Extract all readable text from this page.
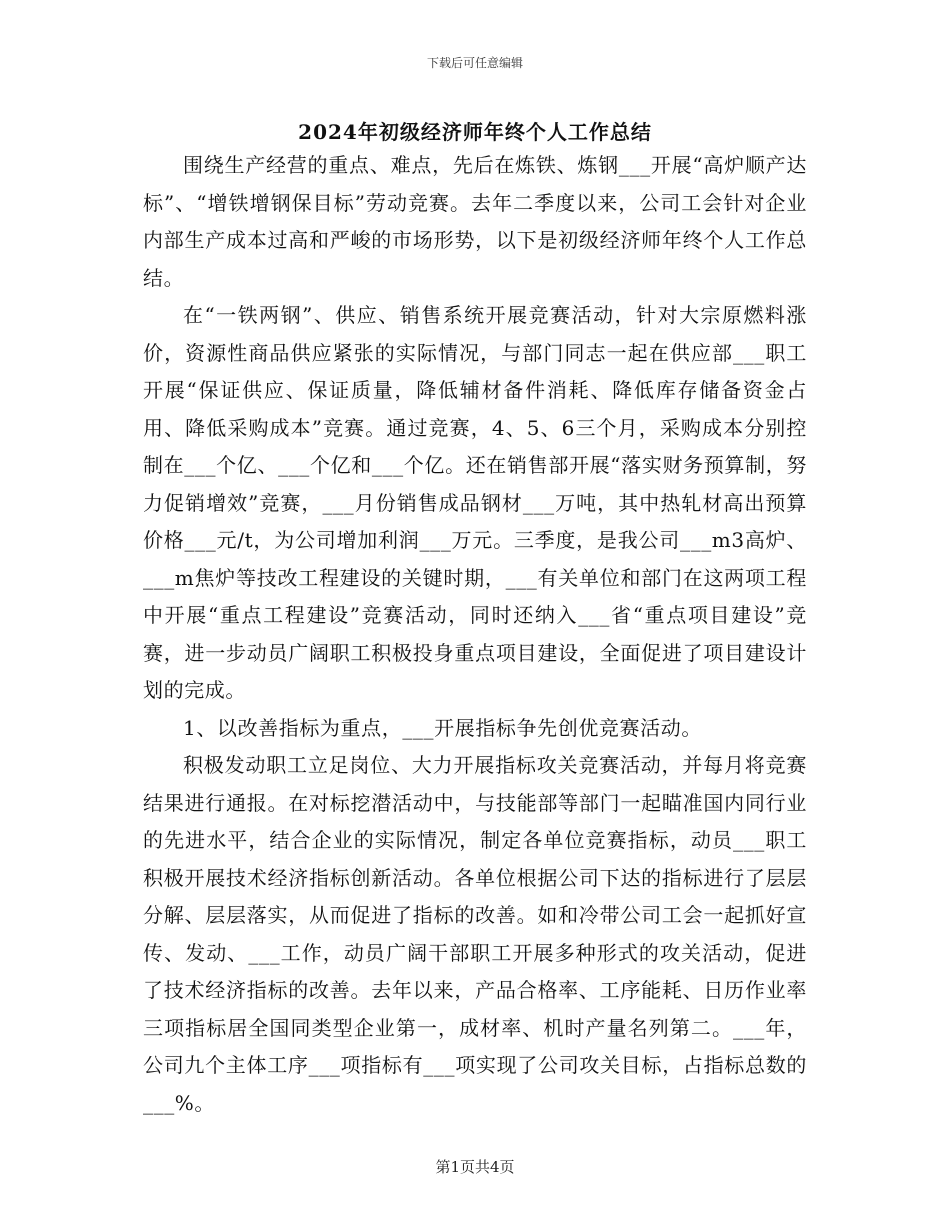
下载后可任意编辑
2024年初级经济师年终个人工作总结

围绕生产经营的重点、难点，先后在炼铁、炼钢___开展“高炉顺产达标”、“增铁增钢保目标”劳动竞赛。去年二季度以来，公司工会针对企业内部生产成本过高和严峻的市场形势，以下是初级经济师年终个人工作总结。

在“一铁两钢”、供应、销售系统开展竞赛活动，针对大宗原燃料涨价，资源性商品供应紧张的实际情况，与部门同志一起在供应部___职工开展“保证供应、保证质量，降低辅材备件消耗、降低库存储备资金占用、降低采购成本”竞赛。通过竞赛，4、5、6三个月，采购成本分别控制在___个亿、___个亿和___个亿。还在销售部开展“落实财务预算制，努力促销增效”竞赛，___月份销售成品钢材___万吨，其中热轧材高出预算价格___元/t，为公司增加利润___万元。三季度，是我公司___m3高炉、___m焦炉等技改工程建设的关键时期，___有关单位和部门在这两项工程中开展“重点工程建设”竞赛活动，同时还纳入___省“重点项目建设”竞赛，进一步动员广阔职工积极投身重点项目建设，全面促进了项目建设计划的完成。

1、以改善指标为重点，___开展指标争先创优竞赛活动。

积极发动职工立足岗位、大力开展指标攻关竞赛活动，并每月将竞赛结果进行通报。在对标挖潜活动中，与技能部等部门一起瞄准国内同行业的先进水平，结合企业的实际情况，制定各单位竞赛指标，动员___职工积极开展技术经济指标创新活动。各单位根据公司下达的指标进行了层层分解、层层落实，从而促进了指标的改善。如和冷带公司工会一起抓好宣传、发动、___工作，动员广阔干部职工开展多种形式的攻关活动，促进了技术经济指标的改善。去年以来，产品合格率、工序能耗、日历作业率三项指标居全国同类型企业第一，成材率、机时产量名列第二。___年，公司九个主体工序___项指标有___项实现了公司攻关目标，占指标总数的___%。

第1页共4页
